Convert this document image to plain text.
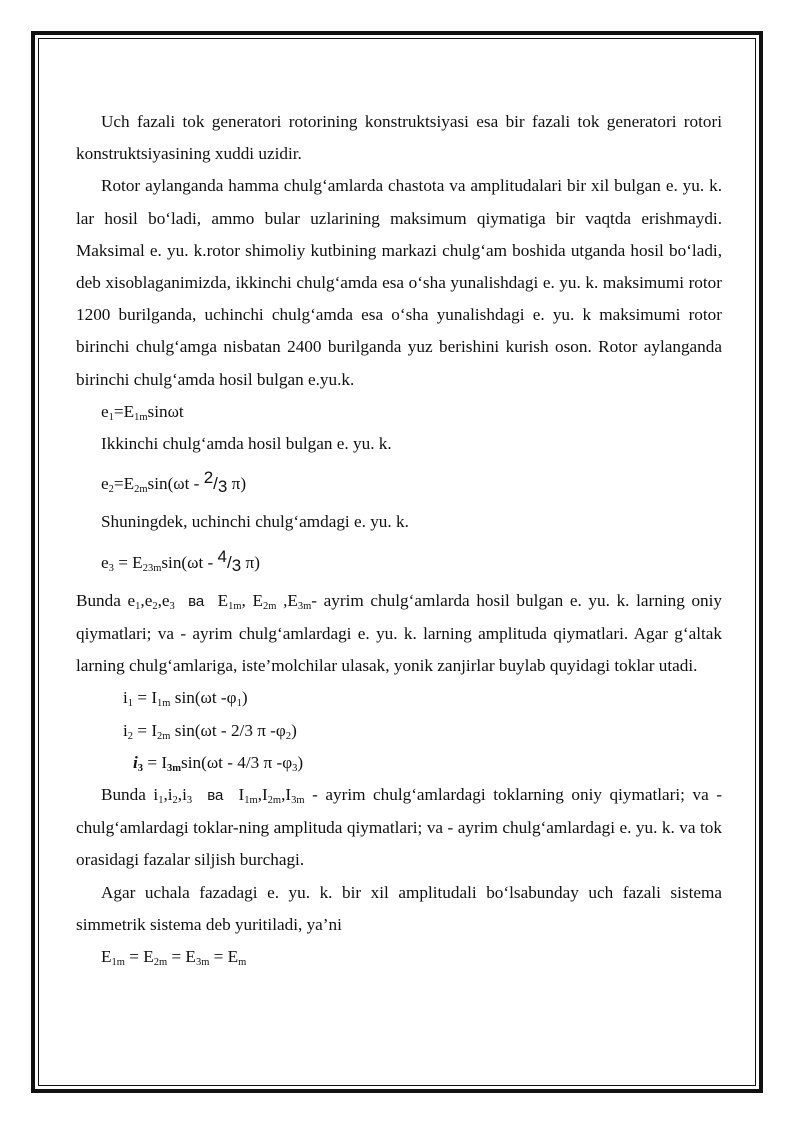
Uch fazali tok generatori rotorining konstruktsiyasi esa bir fazali tok generatori rotori konstruktsiyasining xuddi uzidir.

Rotor aylanganda hamma chulg‘amlarda chastota va amplitudalari bir xil bulgan e. yu. k. lar hosil bo‘ladi, ammo bular uzlarining maksimum qiymatiga bir vaqtda erishmaydi. Maksimal e. yu. k.rotor shimoliy kutbining markazi chulg‘am boshida utganda hosil bo‘ladi, deb xisoblaganimizda, ikkinchi chulg‘amda esa o‘sha yunalishdagi e. yu. k. maksimumi rotor 1200 burilganda, uchinchi chulg‘amda esa o‘sha yunalishdagi e. yu. k maksimumi rotor birinchi chulg‘amga nisbatan 2400 burilganda yuz berishini kurish oson. Rotor aylanganda birinchi chulg‘amda hosil bulgan e.yu.k.

$e_1=E_{1m}\sin\omega t$

Ikkinchi chulg‘amda hosil bulgan e. yu. k.

$e_2=E_{2m}\sin(\omega t - ^2/_3$ π)

Shuningdek, uchinchi chulg‘amdagi e. yu. k.

$e_3 = E_{23m}\sin(\omega t - ^4/_3$ π)

Bunda $e_1,e_2,e_3$ ва  $E_{1m}$, $E_{2m}$ $,E_{3m}-$ ayrim chulg‘amlarda hosil bulgan e. yu. k. larning oniy qiymatlari; va - ayrim chulg‘amlardagi e. yu. k. larning amplituda qiymatlari. Agar g‘altak larning chulg‘amlariga, iste’molchilar ulasak, yonik zanjirlar buylab quyidagi toklar utadi.

$i_1 = I_{1m}$ sin(ωt $-\varphi_1$)

$i_2 = I_{2m}$ sin(ωt - 2/3 π $-\varphi_2$)

$i_3 = I_{3m}\sin(\omega t - 4/3$ π $-\varphi_3$)

Bunda $i_1,i_2,i_3$ ва  $I_{1m},I_{2m},I_{3m}$ - ayrim chulg‘amlardagi toklarning oniy qiymatlari; va - chulg‘amlardagi toklar-ning amplituda qiymatlari; va - ayrim chulg‘amlardagi e. yu. k. va tok orasidagi fazalar siljish burchagi.

Agar uchala fazadagi e. yu. k. bir xil amplitudali bo‘lsabunday uch fazali sistema simmetrik sistema deb yuritiladi, ya’ni

$E_{1m} = E_{2m} = E_{3m} = E_m$
